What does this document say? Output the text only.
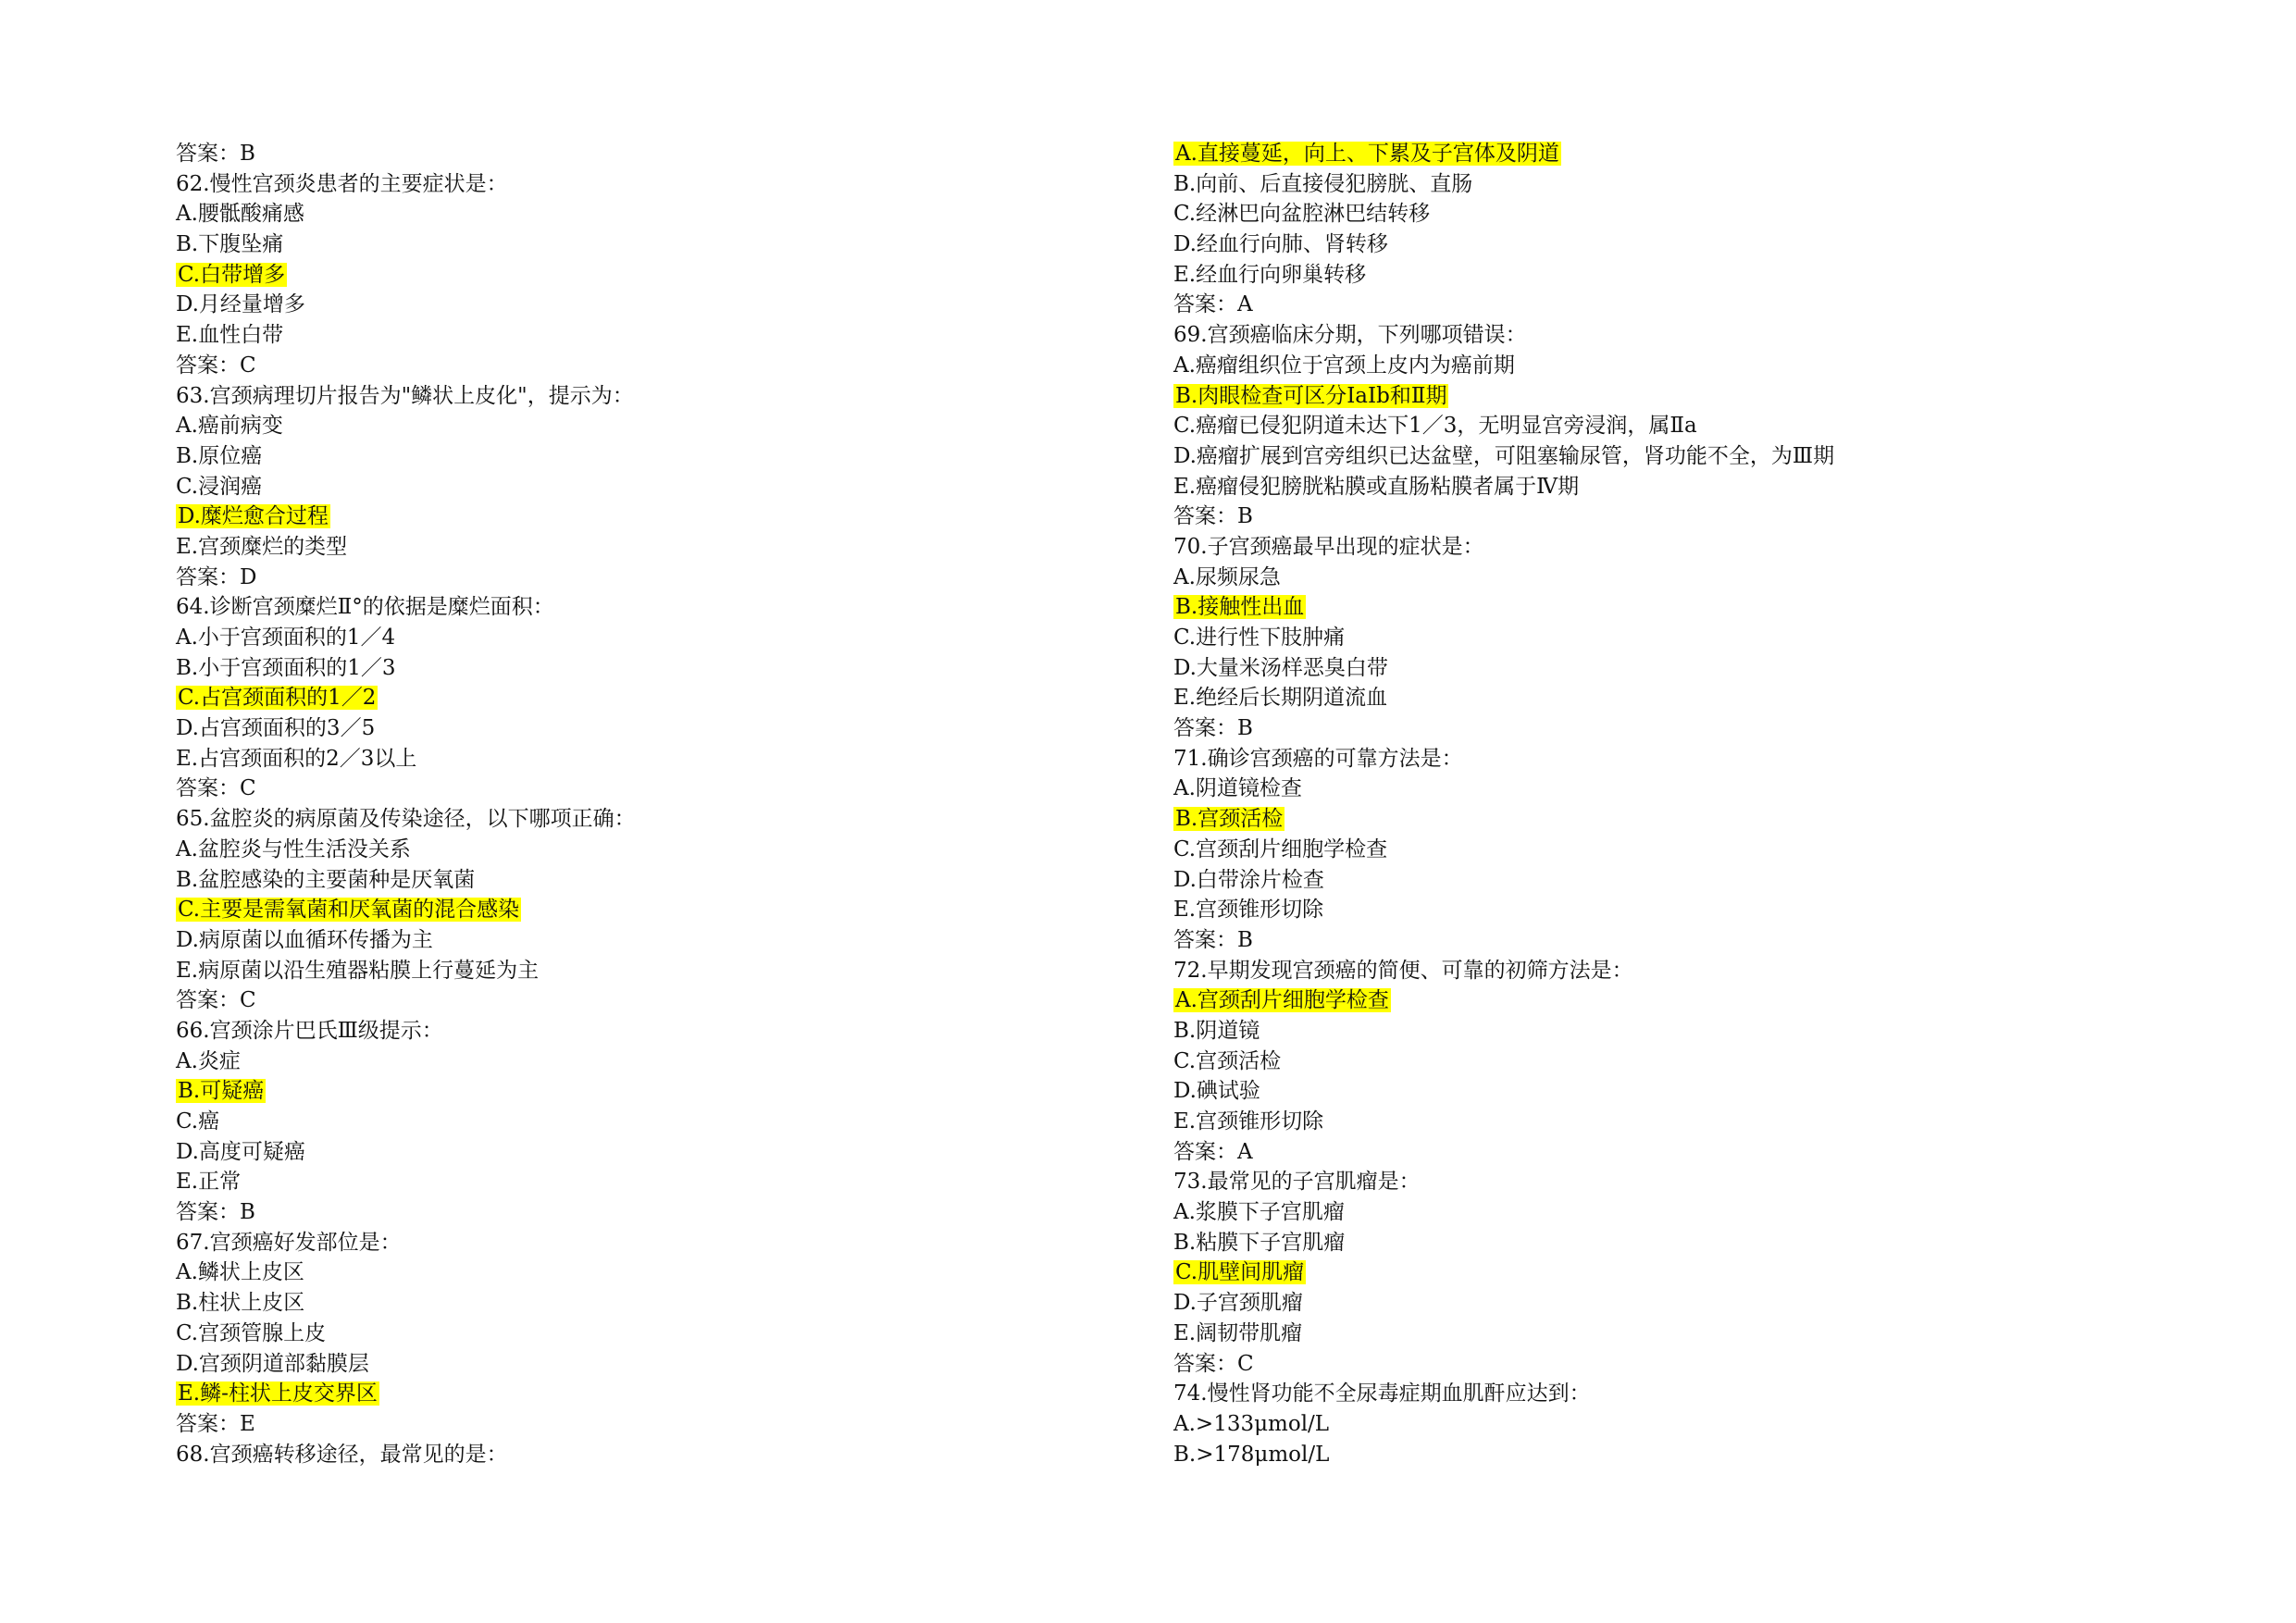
答案：B
62.慢性宫颈炎患者的主要症状是：
A.腰骶酸痛感
B.下腹坠痛
C.白带增多
D.月经量增多
E.血性白带
答案：C
63.宫颈病理切片报告为"鳞状上皮化"，提示为：
A.癌前病变
B.原位癌
C.浸润癌
D.糜烂愈合过程
E.宫颈糜烂的类型
答案：D
64.诊断宫颈糜烂Ⅱ°的依据是糜烂面积：
A.小于宫颈面积的1／4
B.小于宫颈面积的1／3
C.占宫颈面积的1／2
D.占宫颈面积的3／5
E.占宫颈面积的2／3以上
答案：C
65.盆腔炎的病原菌及传染途径，以下哪项正确：
A.盆腔炎与性生活没关系
B.盆腔感染的主要菌种是厌氧菌
C.主要是需氧菌和厌氧菌的混合感染
D.病原菌以血循环传播为主
E.病原菌以沿生殖器粘膜上行蔓延为主
答案：C
66.宫颈涂片巴氏Ⅲ级提示：
A.炎症
B.可疑癌
C.癌
D.高度可疑癌
E.正常
答案：B
67.宫颈癌好发部位是：
A.鳞状上皮区
B.柱状上皮区
C.宫颈管腺上皮
D.宫颈阴道部黏膜层
E.鳞-柱状上皮交界区
答案：E
68.宫颈癌转移途径，最常见的是：
A.直接蔓延，向上、下累及子宫体及阴道
B.向前、后直接侵犯膀胱、直肠
C.经淋巴向盆腔淋巴结转移
D.经血行向肺、肾转移
E.经血行向卵巢转移
答案：A
69.宫颈癌临床分期，下列哪项错误：
A.癌瘤组织位于宫颈上皮内为癌前期
B.肉眼检查可区分ⅠaⅠb和Ⅱ期
C.癌瘤已侵犯阴道未达下1／3，无明显宫旁浸润，属Ⅱa
D.癌瘤扩展到宫旁组织已达盆壁，可阻塞输尿管，肾功能不全，为Ⅲ期
E.癌瘤侵犯膀胱粘膜或直肠粘膜者属于Ⅳ期
答案：B
70.子宫颈癌最早出现的症状是：
A.尿频尿急
B.接触性出血
C.进行性下肢肿痛
D.大量米汤样恶臭白带
E.绝经后长期阴道流血
答案：B
71.确诊宫颈癌的可靠方法是：
A.阴道镜检查
B.宫颈活检
C.宫颈刮片细胞学检查
D.白带涂片检查
E.宫颈锥形切除
答案：B
72.早期发现宫颈癌的简便、可靠的初筛方法是：
A.宫颈刮片细胞学检查
B.阴道镜
C.宫颈活检
D.碘试验
E.宫颈锥形切除
答案：A
73.最常见的子宫肌瘤是：
A.浆膜下子宫肌瘤
B.粘膜下子宫肌瘤
C.肌壁间肌瘤
D.子宫颈肌瘤
E.阔韧带肌瘤
答案：C
74.慢性肾功能不全尿毒症期血肌酐应达到：
A.>133μmol/L
B.>178μmol/L
